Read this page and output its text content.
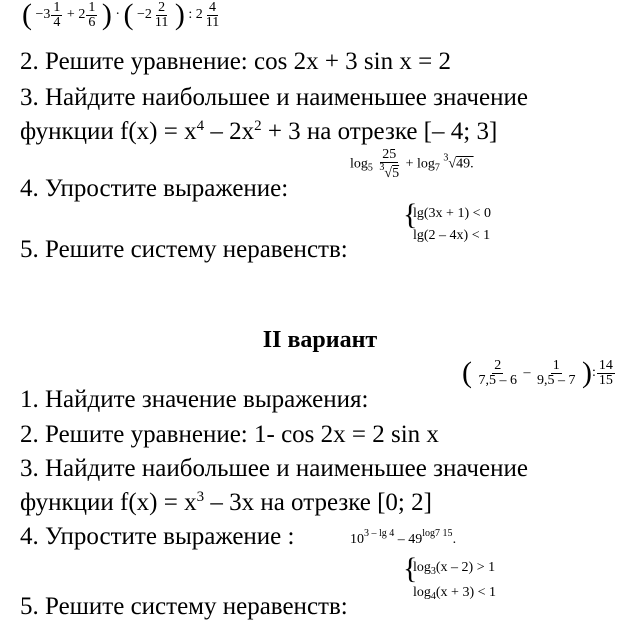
( $-3 \frac{1}{4} + 2 \frac{1}{6}$ ) · ( $-2 \frac{2}{11}$ ) : $2 \frac{4}{11}$
2. Решите уравнение: cos 2x + 3 sin x = 2
3. Найдите наибольшее и наименьшее значение
функции $f(x) = x^4 - 2x^2 + 3$ на отрезке [– 4; 3]
4. Упростите выражение:
$\log_5 \frac{25}{^3√5} + \log_7 ^3√49$.
5. Решите систему неравенств:
{
lg(3x + 1) < 0
lg(2 – 4x) < 1
II вариант
1. Найдите значение выражения:
( $\frac{2}{7,5 - 6} - \frac{1}{9,5 - 7}$ ): $\frac{14}{15}$
2. Решите уравнение: 1- cos 2x = 2 sin x
3. Найдите наибольшее и наименьшее значение
функции $f(x) = x^3 - 3x$ на отрезке [0; 2]
4. Упростите выражение :	$10^{3 - lg 4} - 49^{log7 15}$.
5. Решите систему неравенств:
{
$\log_3(x - 2) > 1$
$\log_4(x + 3) < 1$
